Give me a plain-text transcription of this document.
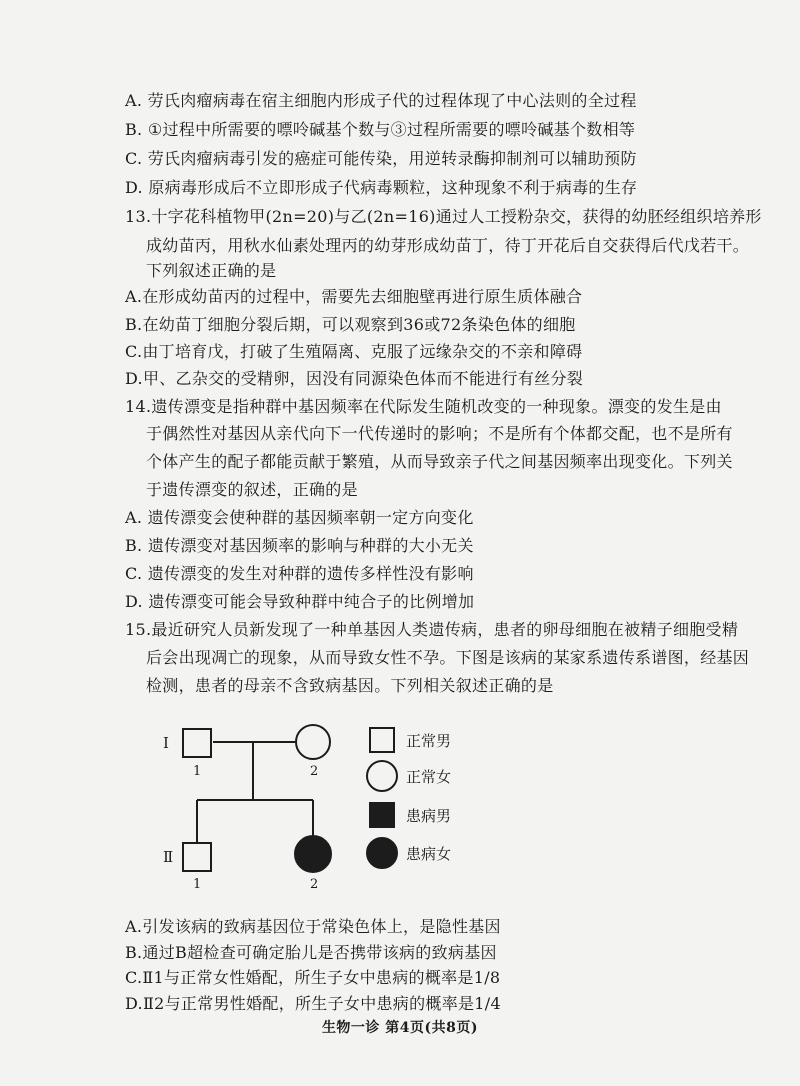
A. 劳氏肉瘤病毒在宿主细胞内形成子代的过程体现了中心法则的全过程
B. ①过程中所需要的嘌呤碱基个数与③过程所需要的嘌呤碱基个数相等
C. 劳氏肉瘤病毒引发的癌症可能传染，用逆转录酶抑制剂可以辅助预防
D. 原病毒形成后不立即形成子代病毒颗粒，这种现象不利于病毒的生存
13.十字花科植物甲(2n=20)与乙(2n=16)通过人工授粉杂交，获得的幼胚经组织培养形
成幼苗丙，用秋水仙素处理丙的幼芽形成幼苗丁，待丁开花后自交获得后代戊若干。
下列叙述正确的是
A.在形成幼苗丙的过程中，需要先去细胞壁再进行原生质体融合
B.在幼苗丁细胞分裂后期，可以观察到36或72条染色体的细胞
C.由丁培育戊，打破了生殖隔离、克服了远缘杂交的不亲和障碍
D.甲、乙杂交的受精卵，因没有同源染色体而不能进行有丝分裂
14.遗传漂变是指种群中基因频率在代际发生随机改变的一种现象。漂变的发生是由
于偶然性对基因从亲代向下一代传递时的影响；不是所有个体都交配，也不是所有
个体产生的配子都能贡献于繁殖，从而导致亲子代之间基因频率出现变化。下列关
于遗传漂变的叙述，正确的是
A. 遗传漂变会使种群的基因频率朝一定方向变化
B. 遗传漂变对基因频率的影响与种群的大小无关
C. 遗传漂变的发生对种群的遗传多样性没有影响
D. 遗传漂变可能会导致种群中纯合子的比例增加
15.最近研究人员新发现了一种单基因人类遗传病，患者的卵母细胞在被精子细胞受精
后会出现凋亡的现象，从而导致女性不孕。下图是该病的某家系遗传系谱图，经基因
检测，患者的母亲不含致病基因。下列相关叙述正确的是
Ⅰ
Ⅱ
1	2
1	2
正常男
正常女
患病男
患病女
A.引发该病的致病基因位于常染色体上，是隐性基因
B.通过B超检查可确定胎儿是否携带该病的致病基因
C.Ⅱ1与正常女性婚配，所生子女中患病的概率是1/8
D.Ⅱ2与正常男性婚配，所生子女中患病的概率是1/4
生物一诊 第4页(共8页)
